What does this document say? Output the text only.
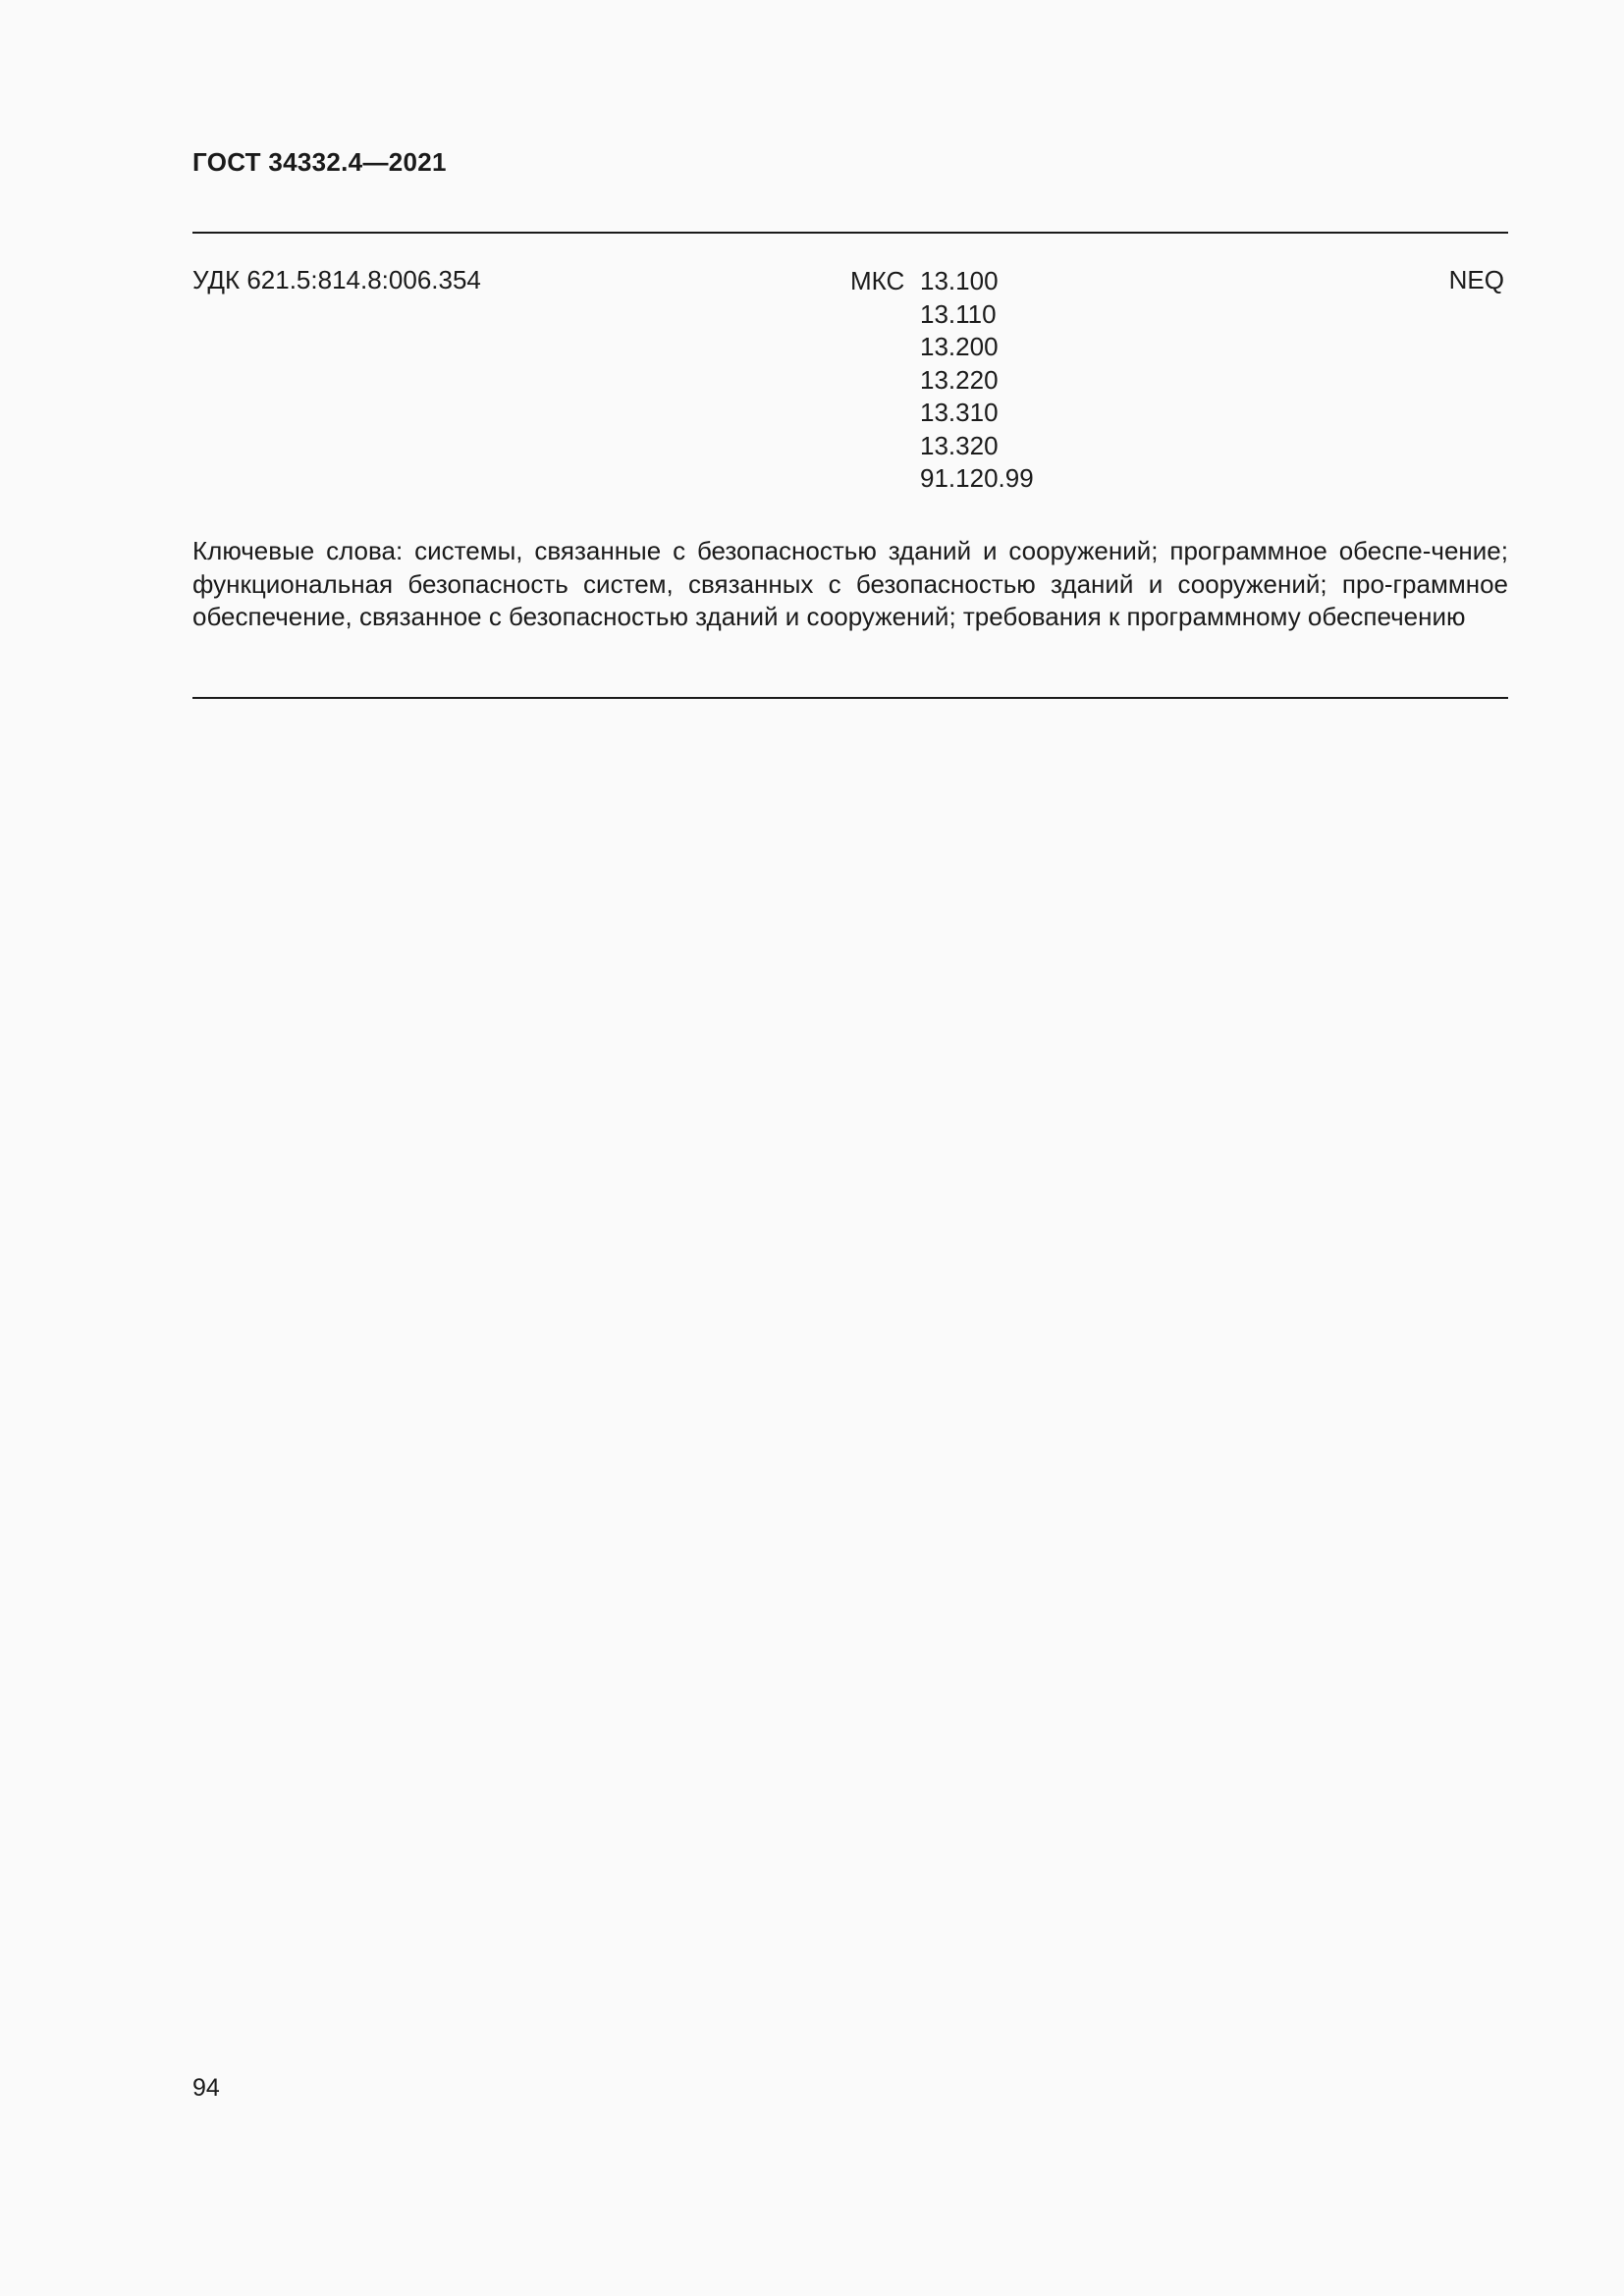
ГОСТ 34332.4—2021
УДК 621.5:814.8:006.354	МКС 13.100
13.110
13.200
13.220
13.310
13.320
91.120.99
NEQ

Ключевые слова: системы, связанные с безопасностью зданий и сооружений; программное обеспе-чение; функциональная безопасность систем, связанных с безопасностью зданий и сооружений; про-граммное обеспечение, связанное с безопасностью зданий и сооружений; требования к программному обеспечению

94
